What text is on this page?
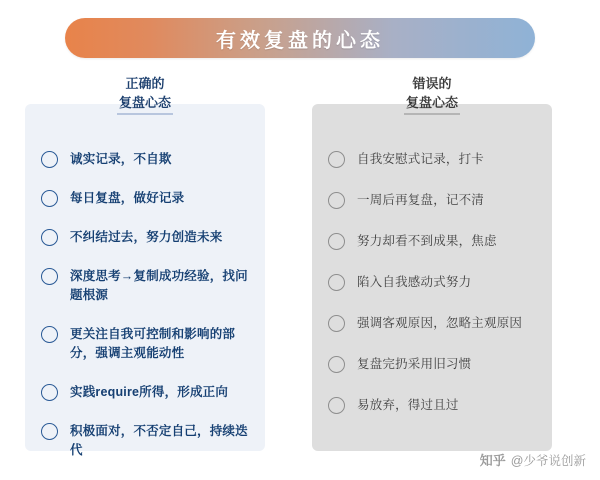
有效复盘的心态
正确的
复盘心态
诚实记录，不自欺
每日复盘，做好记录
不纠结过去，努力创造未来
深度思考→复制成功经验，找问题根源
更关注自我可控制和影响的部分，强调主观能动性
实践require所得，形成正向
积极面对，不否定自己，持续迭代
错误的
复盘心态
自我安慰式记录，打卡
一周后再复盘，记不清
努力却看不到成果，焦虑
陷入自我感动式努力
强调客观原因，忽略主观原因
复盘完扔采用旧习惯
易放弃，得过且过
知乎 @少爷说创新
